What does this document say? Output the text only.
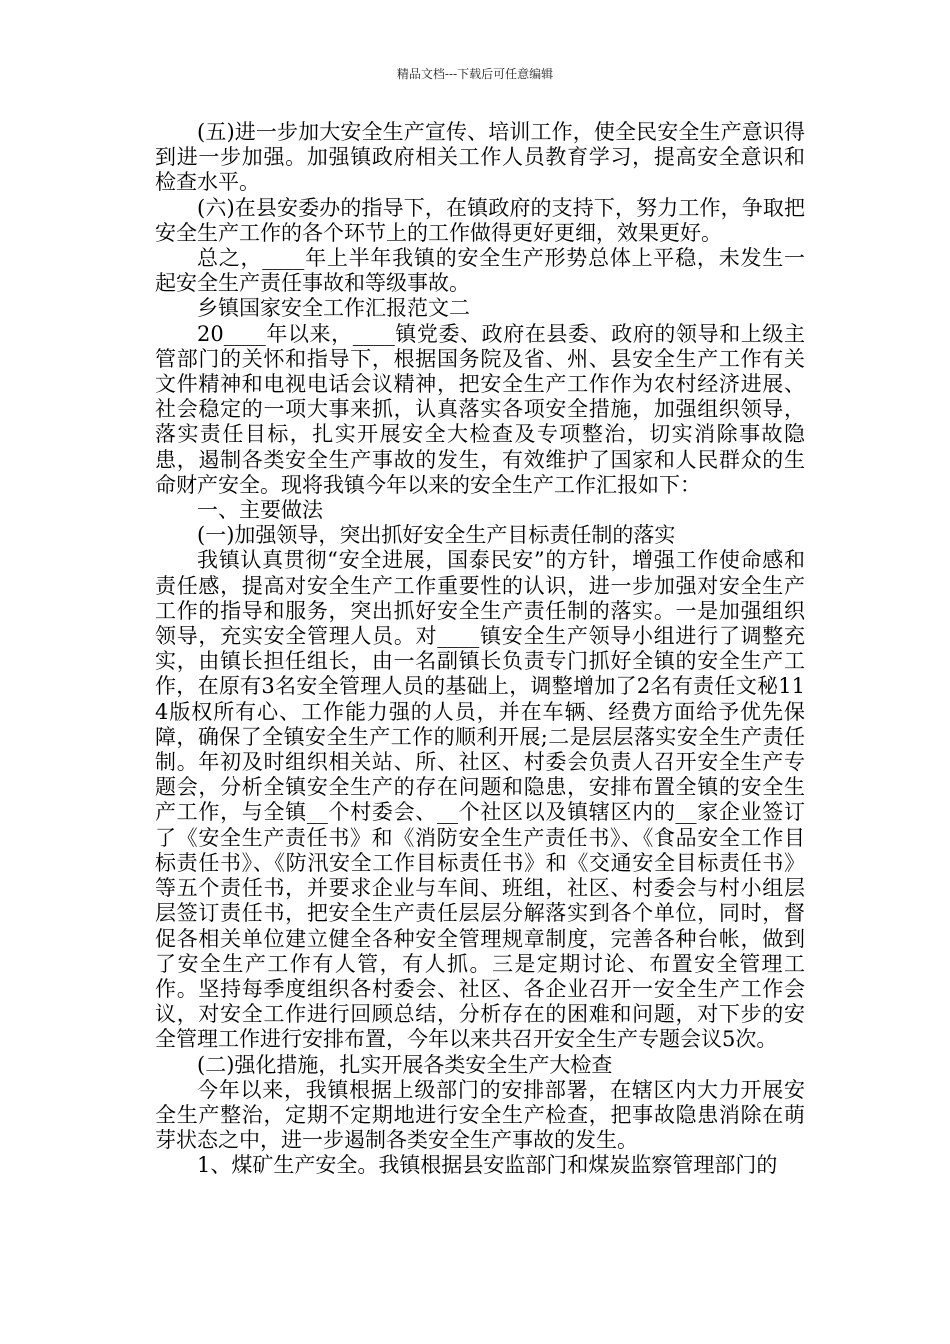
精品文档---下载后可任意编辑

(五)进一步加大安全生产宣传、培训工作，使全民安全生产意识得到进一步加强。加强镇政府相关工作人员教育学习，提高安全意识和检查水平。

(六)在县安委办的指导下，在镇政府的支持下，努力工作，争取把安全生产工作的各个环节上的工作做得更好更细，效果更好。

总之，____年上半年我镇的安全生产形势总体上平稳，未发生一起安全生产责任事故和等级事故。

乡镇国家安全工作汇报范文二

20____年以来，____镇党委、政府在县委、政府的领导和上级主管部门的关怀和指导下，根据国务院及省、州、县安全生产工作有关文件精神和电视电话会议精神，把安全生产工作作为农村经济进展、社会稳定的一项大事来抓，认真落实各项安全措施，加强组织领导，落实责任目标，扎实开展安全大检查及专项整治，切实消除事故隐患，遏制各类安全生产事故的发生，有效维护了国家和人民群众的生命财产安全。现将我镇今年以来的安全生产工作汇报如下：

一、主要做法

(一)加强领导，突出抓好安全生产目标责任制的落实

我镇认真贯彻“安全进展，国泰民安”的方针，增强工作使命感和责任感，提高对安全生产工作重要性的认识，进一步加强对安全生产工作的指导和服务，突出抓好安全生产责任制的落实。一是加强组织领导，充实安全管理人员。对____镇安全生产领导小组进行了调整充实，由镇长担任组长，由一名副镇长负责专门抓好全镇的安全生产工作，在原有3名安全管理人员的基础上，调整增加了2名有责任文秘114版权所有心、工作能力强的人员，并在车辆、经费方面给予优先保障，确保了全镇安全生产工作的顺利开展;二是层层落实安全生产责任制。年初及时组织相关站、所、社区、村委会负责人召开安全生产专题会，分析全镇安全生产的存在问题和隐患，安排布置全镇的安全生产工作，与全镇__个村委会、__个社区以及镇辖区内的__家企业签订了《安全生产责任书》和《消防安全生产责任书》、《食品安全工作目标责任书》、《防汛安全工作目标责任书》和《交通安全目标责任书》等五个责任书，并要求企业与车间、班组，社区、村委会与村小组层层签订责任书，把安全生产责任层层分解落实到各个单位，同时，督促各相关单位建立健全各种安全管理规章制度，完善各种台帐，做到了安全生产工作有人管，有人抓。三是定期讨论、布置安全管理工作。坚持每季度组织各村委会、社区、各企业召开一安全生产工作会议，对安全工作进行回顾总结，分析存在的困难和问题，对下步的安全管理工作进行安排布置，今年以来共召开安全生产专题会议5次。

(二)强化措施，扎实开展各类安全生产大检查

今年以来，我镇根据上级部门的安排部署，在辖区内大力开展安全生产整治，定期不定期地进行安全生产检查，把事故隐患消除在萌芽状态之中，进一步遏制各类安全生产事故的发生。

1、煤矿生产安全。我镇根据县安监部门和煤炭监察管理部门的
